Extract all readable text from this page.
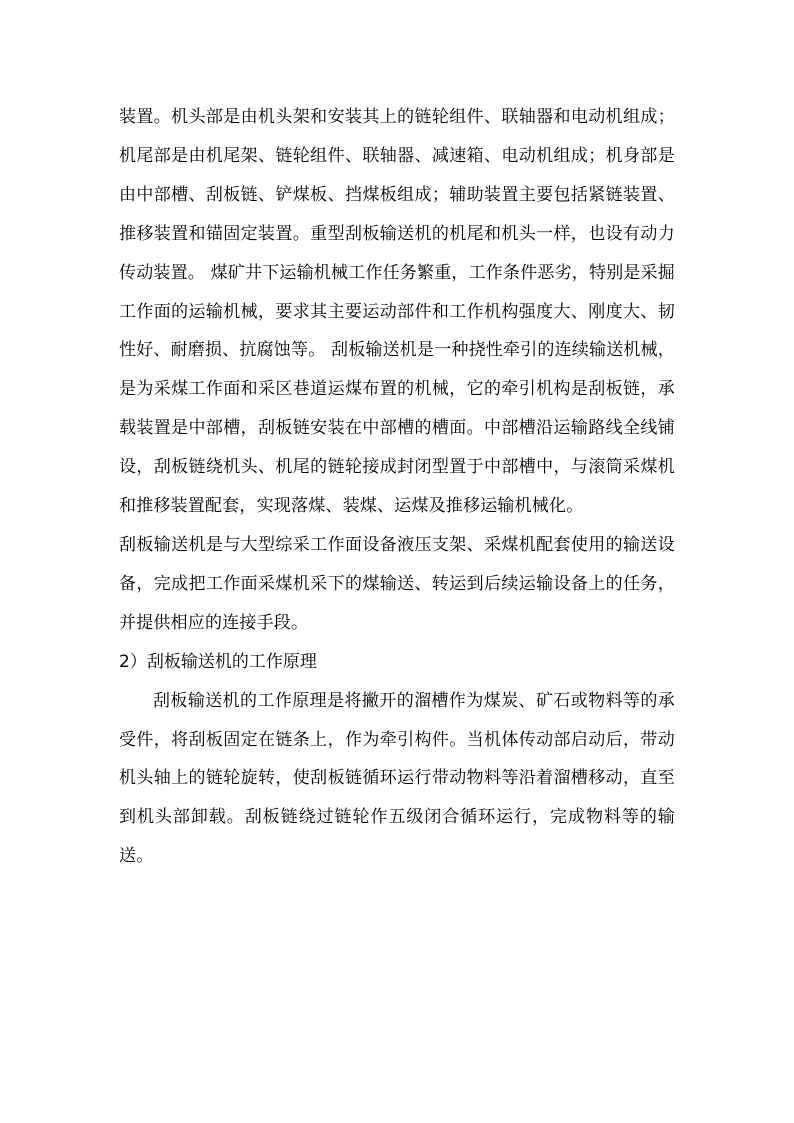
装置。机头部是由机头架和安装其上的链轮组件、联轴器和电动机组成；机尾部是由机尾架、链轮组件、联轴器、减速箱、电动机组成；机身部是由中部槽、刮板链、铲煤板、挡煤板组成；辅助装置主要包括紧链装置、推移装置和锚固定装置。重型刮板输送机的机尾和机头一样，也设有动力传动装置。 煤矿井下运输机械工作任务繁重，工作条件恶劣，特别是采掘工作面的运输机械，要求其主要运动部件和工作机构强度大、刚度大、韧性好、耐磨损、抗腐蚀等。 刮板输送机是一种挠性牵引的连续输送机械，是为采煤工作面和采区巷道运煤布置的机械，它的牵引机构是刮板链，承载装置是中部槽，刮板链安装在中部槽的槽面。中部槽沿运输路线全线铺设，刮板链绕机头、机尾的链轮接成封闭型置于中部槽中，与滚筒采煤机和推移装置配套，实现落煤、装煤、运煤及推移运输机械化。

刮板输送机是与大型综采工作面设备液压支架、采煤机配套使用的输送设备，完成把工作面采煤机采下的煤输送、转运到后续运输设备上的任务，并提供相应的连接手段。

2）刮板输送机的工作原理

刮板输送机的工作原理是将撇开的溜槽作为煤炭、矿石或物料等的承受件，将刮板固定在链条上，作为牵引构件。当机体传动部启动后，带动机头轴上的链轮旋转，使刮板链循环运行带动物料等沿着溜槽移动，直至到机头部卸载。刮板链绕过链轮作五级闭合循环运行，完成物料等的输送。
